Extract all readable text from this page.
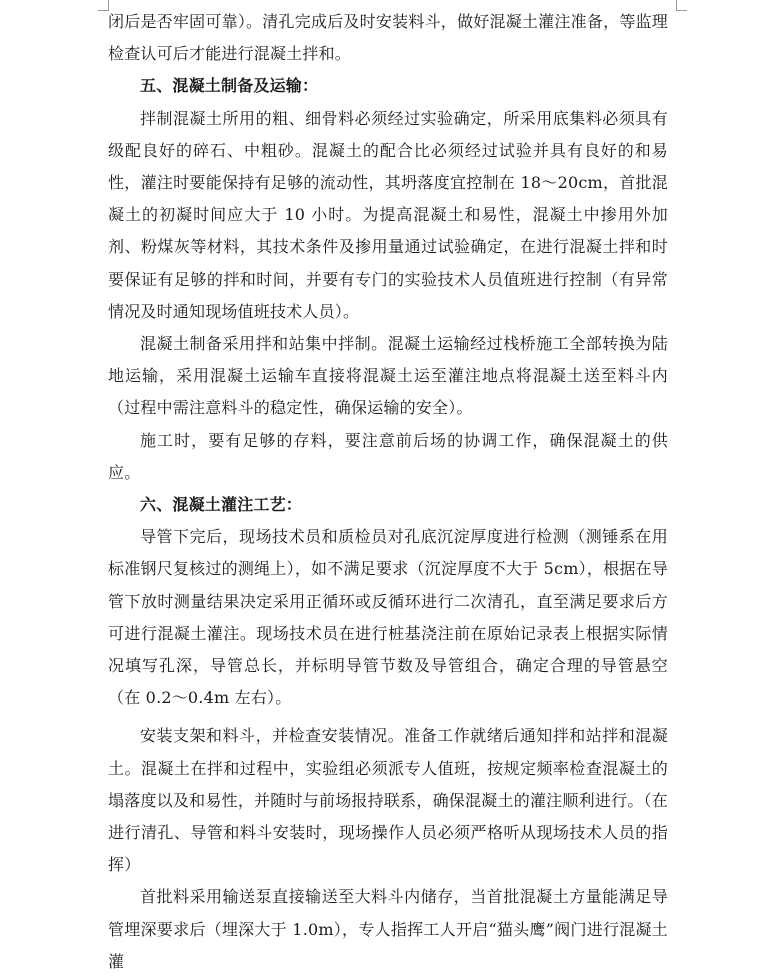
闭后是否牢固可靠）。清孔完成后及时安装料斗，做好混凝土灌注准备，等监理检查认可后才能进行混凝土拌和。

五、混凝土制备及运输：

拌制混凝土所用的粗、细骨料必须经过实验确定，所采用底集料必须具有级配良好的碎石、中粗砂。混凝土的配合比必须经过试验并具有良好的和易性，灌注时要能保持有足够的流动性，其坍落度宜控制在 18～20cm，首批混凝土的初凝时间应大于 10 小时。为提高混凝土和易性，混凝土中掺用外加剂、粉煤灰等材料，其技术条件及掺用量通过试验确定，在进行混凝土拌和时要保证有足够的拌和时间，并要有专门的实验技术人员值班进行控制（有异常情况及时通知现场值班技术人员）。

混凝土制备采用拌和站集中拌制。混凝土运输经过栈桥施工全部转换为陆地运输，采用混凝土运输车直接将混凝土运至灌注地点将混凝土送至料斗内（过程中需注意料斗的稳定性，确保运输的安全）。

施工时，要有足够的存料，要注意前后场的协调工作，确保混凝土的供应。

六、混凝土灌注工艺：

导管下完后，现场技术员和质检员对孔底沉淀厚度进行检测（测锤系在用标准钢尺复核过的测绳上），如不满足要求（沉淀厚度不大于 5cm），根据在导管下放时测量结果决定采用正循环或反循环进行二次清孔，直至满足要求后方可进行混凝土灌注。现场技术员在进行桩基浇注前在原始记录表上根据实际情况填写孔深，导管总长，并标明导管节数及导管组合，确定合理的导管悬空（在 0.2～0.4m 左右）。

安装支架和料斗，并检查安装情况。准备工作就绪后通知拌和站拌和混凝土。混凝土在拌和过程中，实验组必须派专人值班，按规定频率检查混凝土的塌落度以及和易性，并随时与前场报持联系，确保混凝土的灌注顺利进行。（在进行清孔、导管和料斗安装时，现场操作人员必须严格听从现场技术人员的指挥）

首批料采用输送泵直接输送至大料斗内储存，当首批混凝土方量能满足导管埋深要求后（埋深大于 1.0m），专人指挥工人开启“猫头鹰”阀门进行混凝土灌
